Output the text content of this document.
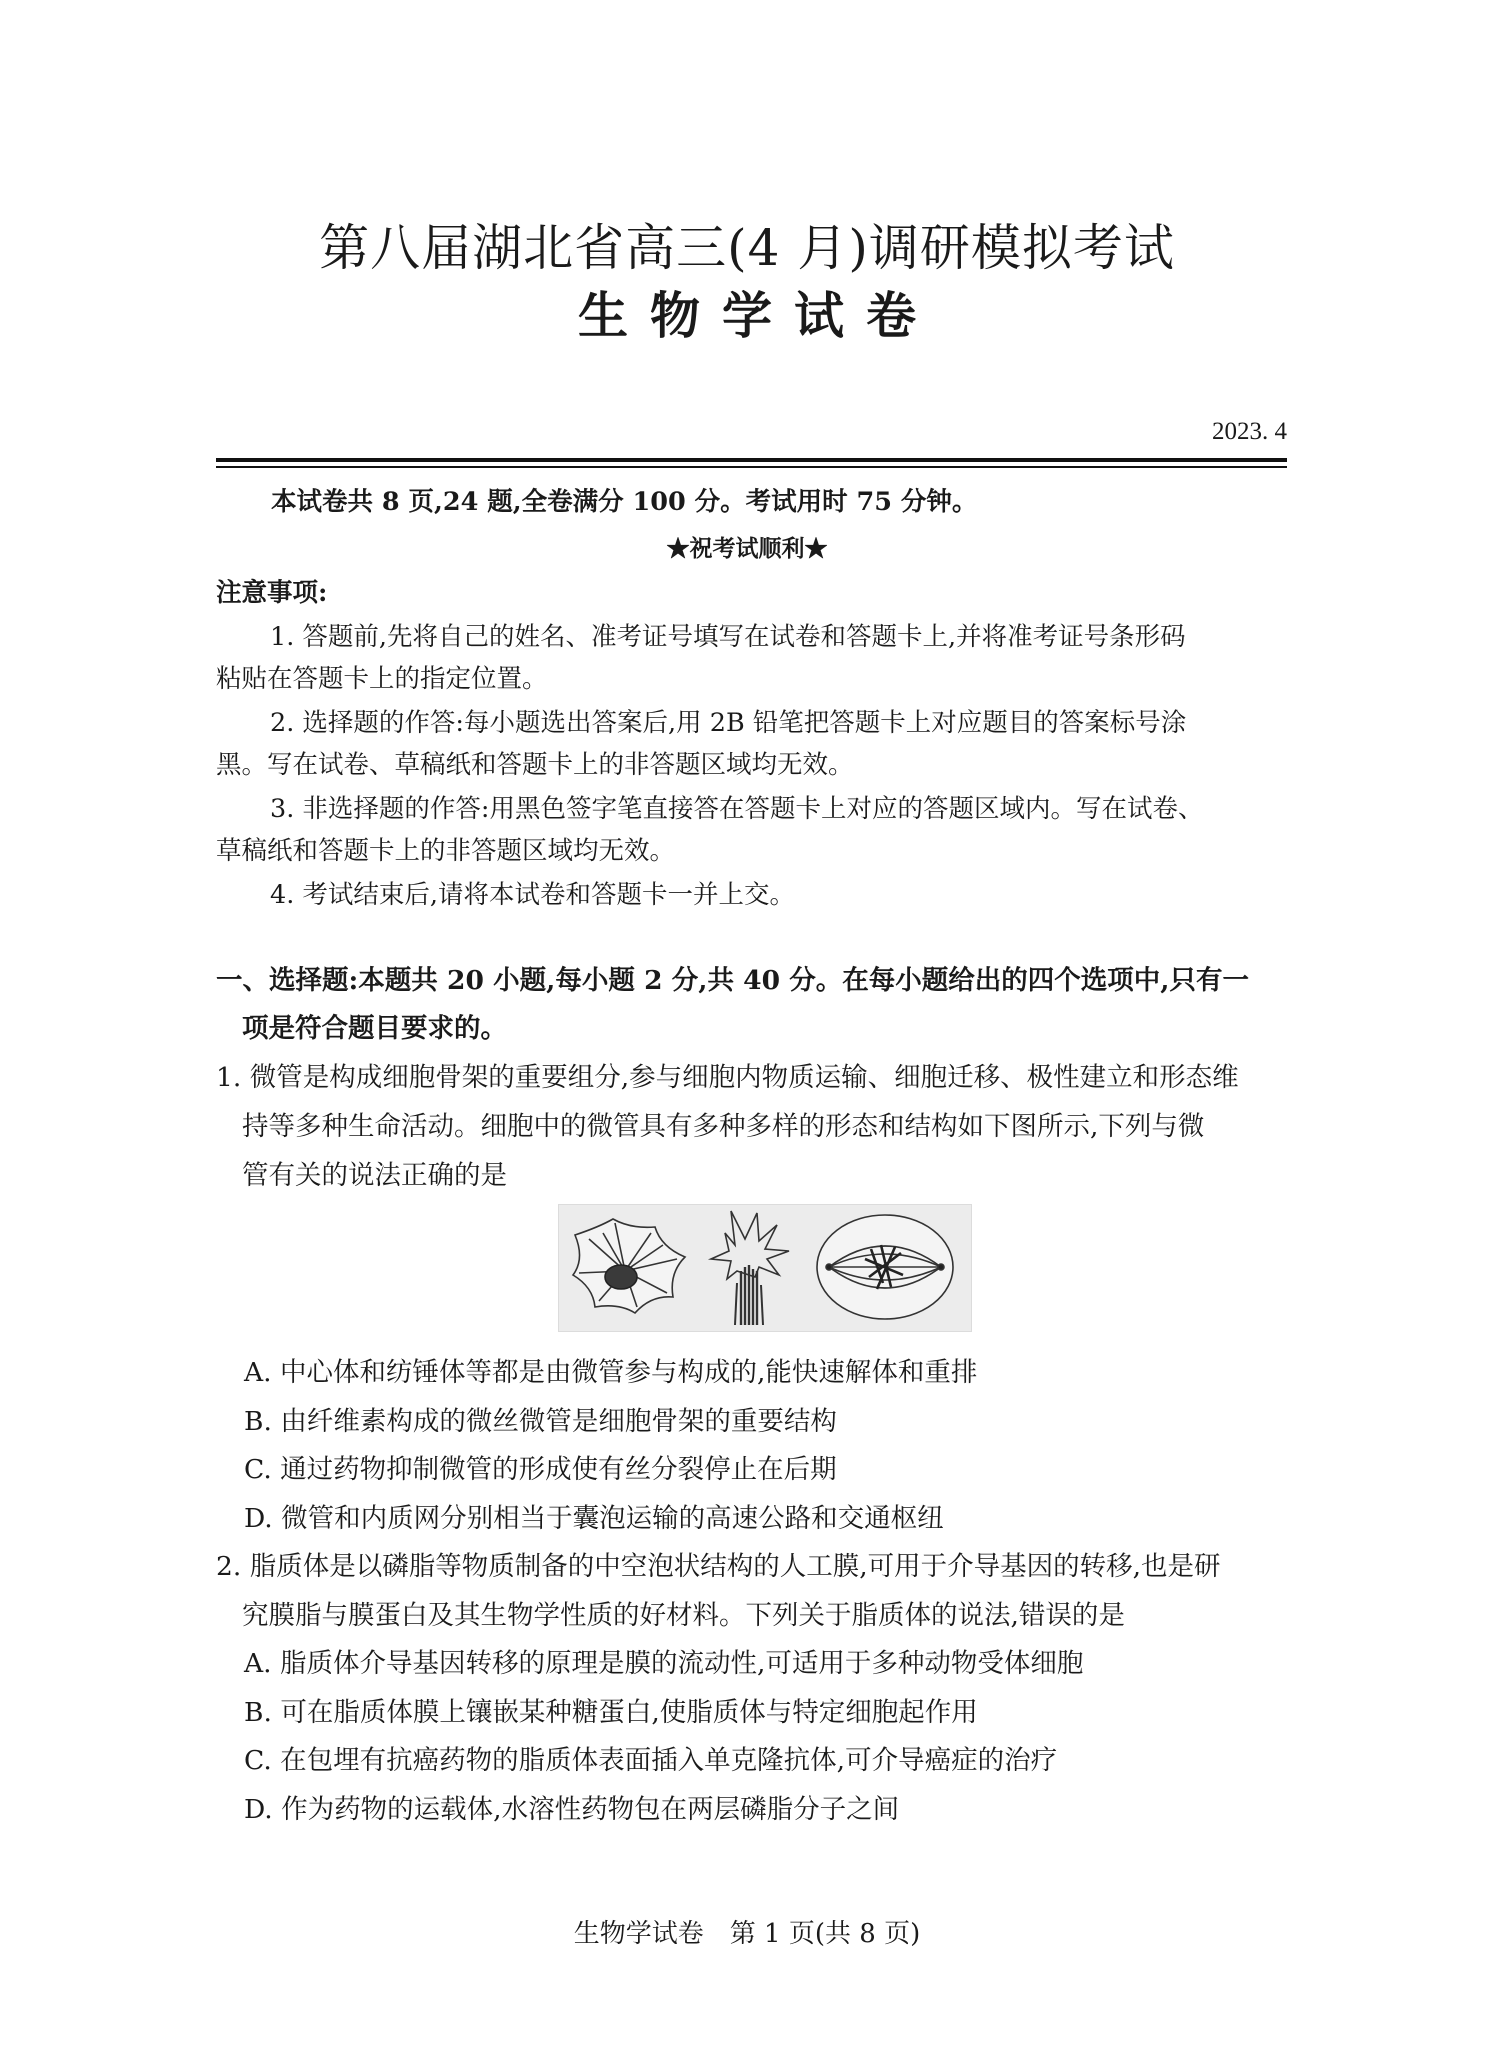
第八届湖北省高三(4 月)调研模拟考试
生物学试卷
2023. 4
本试卷共 8 页,24 题,全卷满分 100 分。考试用时 75 分钟。
★祝考试顺利★
注意事项:
1. 答题前,先将自己的姓名、准考证号填写在试卷和答题卡上,并将准考证号条形码
粘贴在答题卡上的指定位置。
2. 选择题的作答:每小题选出答案后,用 2B 铅笔把答题卡上对应题目的答案标号涂
黑。写在试卷、草稿纸和答题卡上的非答题区域均无效。
3. 非选择题的作答:用黑色签字笔直接答在答题卡上对应的答题区域内。写在试卷、
草稿纸和答题卡上的非答题区域均无效。
4. 考试结束后,请将本试卷和答题卡一并上交。
一、选择题:本题共 20 小题,每小题 2 分,共 40 分。在每小题给出的四个选项中,只有一
项是符合题目要求的。
1. 微管是构成细胞骨架的重要组分,参与细胞内物质运输、细胞迁移、极性建立和形态维
持等多种生命活动。细胞中的微管具有多种多样的形态和结构如下图所示,下列与微
管有关的说法正确的是
A. 中心体和纺锤体等都是由微管参与构成的,能快速解体和重排
B. 由纤维素构成的微丝微管是细胞骨架的重要结构
C. 通过药物抑制微管的形成使有丝分裂停止在后期
D. 微管和内质网分别相当于囊泡运输的高速公路和交通枢纽
2. 脂质体是以磷脂等物质制备的中空泡状结构的人工膜,可用于介导基因的转移,也是研
究膜脂与膜蛋白及其生物学性质的好材料。下列关于脂质体的说法,错误的是
A. 脂质体介导基因转移的原理是膜的流动性,可适用于多种动物受体细胞
B. 可在脂质体膜上镶嵌某种糖蛋白,使脂质体与特定细胞起作用
C. 在包埋有抗癌药物的脂质体表面插入单克隆抗体,可介导癌症的治疗
D. 作为药物的运载体,水溶性药物包在两层磷脂分子之间
生物学试卷　第 1 页(共 8 页)
